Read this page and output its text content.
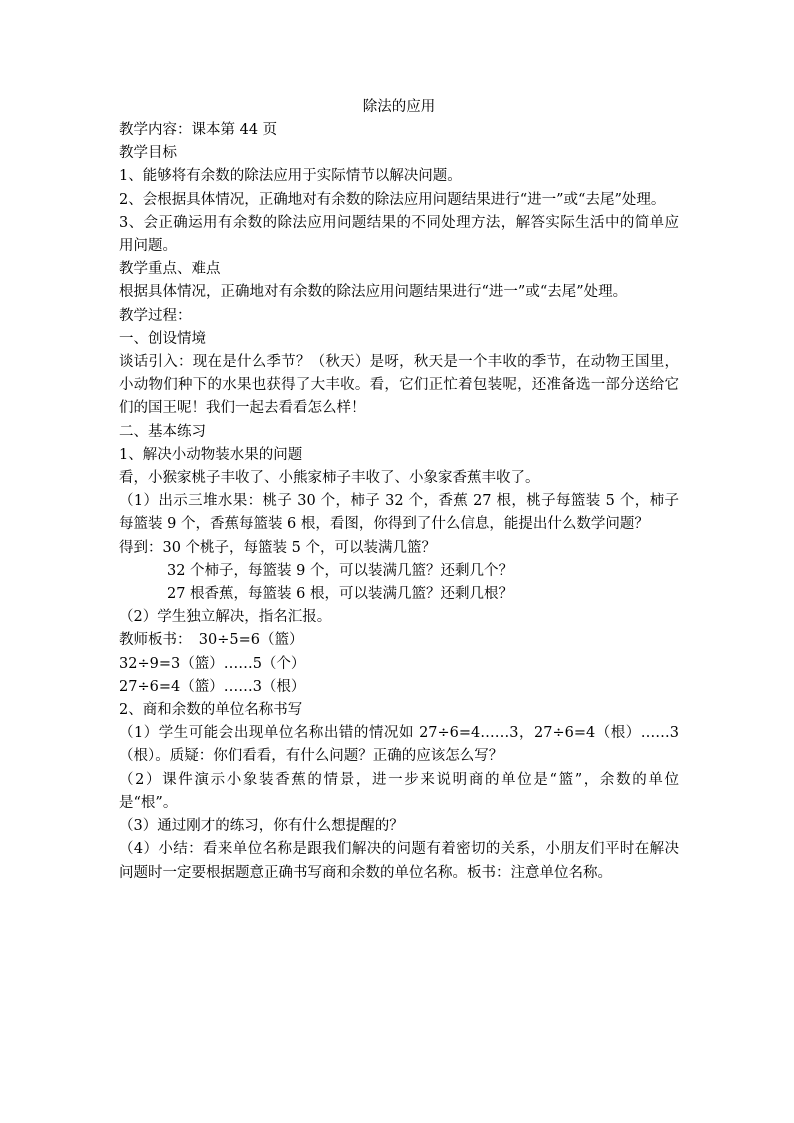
除法的应用

教学内容：课本第 44 页

教学目标

1、能够将有余数的除法应用于实际情节以解决问题。

2、会根据具体情况，正确地对有余数的除法应用问题结果进行“进一”或“去尾”处理。

3、会正确运用有余数的除法应用问题结果的不同处理方法，解答实际生活中的简单应用问题。

教学重点、难点

根据具体情况，正确地对有余数的除法应用问题结果进行“进一”或“去尾”处理。

教学过程：

一、创设情境

谈话引入：现在是什么季节？（秋天）是呀，秋天是一个丰收的季节，在动物王国里，小动物们种下的水果也获得了大丰收。看，它们正忙着包装呢，还准备选一部分送给它们的国王呢！我们一起去看看怎么样！

二、基本练习

1、解决小动物装水果的问题

看，小猴家桃子丰收了、小熊家柿子丰收了、小象家香蕉丰收了。

（1）出示三堆水果：桃子 30 个，柿子 32 个，香蕉 27 根，桃子每篮装 5 个，柿子每篮装 9 个，香蕉每篮装 6 根，看图，你得到了什么信息，能提出什么数学问题？

得到：30 个桃子，每篮装 5 个，可以装满几篮？

32 个柿子，每篮装 9 个，可以装满几篮？还剩几个？

27 根香蕉，每篮装 6 根，可以装满几篮？还剩几根？

（2）学生独立解决，指名汇报。

教师板书：　30÷5=6（篮）

32÷9=3（篮）……5（个）

27÷6=4（篮）……3（根）

2、商和余数的单位名称书写

（1）学生可能会出现单位名称出错的情况如 27÷6=4……3，27÷6=4（根）……3（根）。质疑：你们看看，有什么问题？正确的应该怎么写？

（2）课件演示小象装香蕉的情景，进一步来说明商的单位是“篮”，余数的单位是“根”。

（3）通过刚才的练习，你有什么想提醒的？

（4）小结：看来单位名称是跟我们解决的问题有着密切的关系，小朋友们平时在解决问题时一定要根据题意正确书写商和余数的单位名称。板书：注意单位名称。
